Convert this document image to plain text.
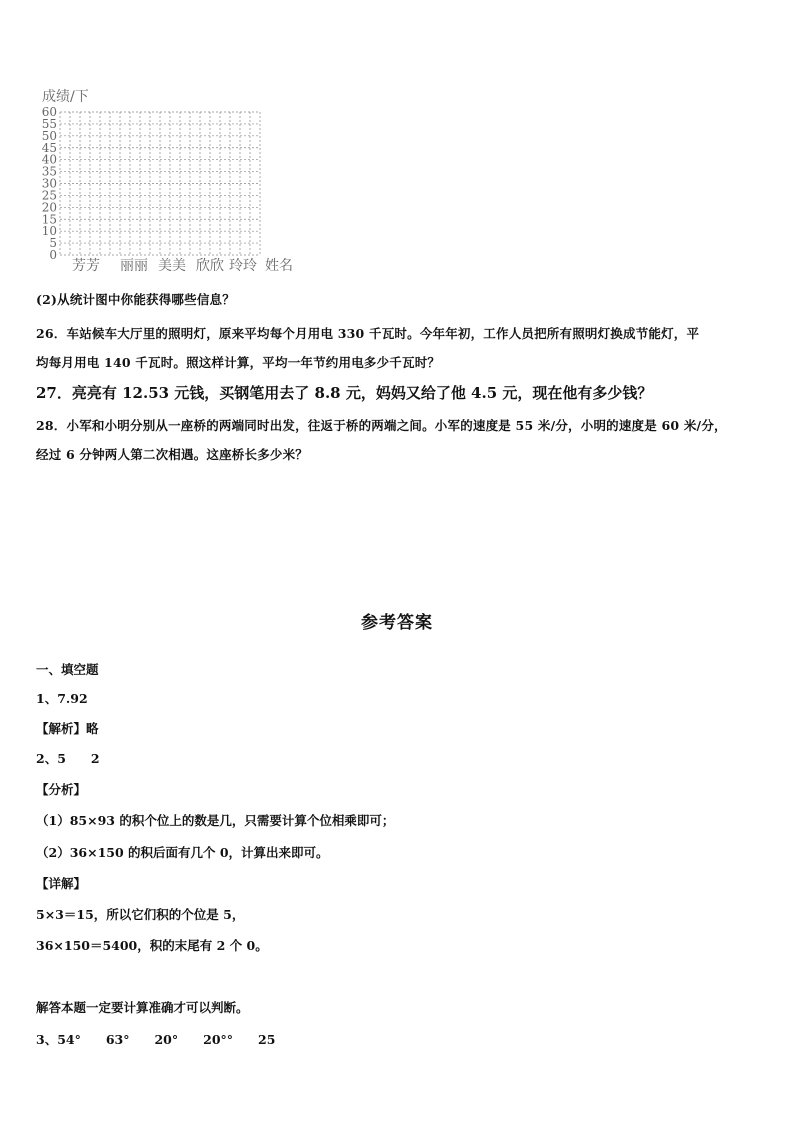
成绩/下
0
5
10
15
20
25
30
35
40
45
50
55
60
芳芳 丽丽 美美 欣欣 玲玲 姓名
(2)从统计图中你能获得哪些信息？
26．车站候车大厅里的照明灯，原来平均每个月用电 330 千瓦时。今年年初，工作人员把所有照明灯换成节能灯，平
均每月用电 140 千瓦时。照这样计算，平均一年节约用电多少千瓦时？
27．亮亮有 12.53 元钱，买钢笔用去了 8.8 元，妈妈又给了他 4.5 元，现在他有多少钱？
28．小军和小明分别从一座桥的两端同时出发，往返于桥的两端之间。小军的速度是 55 米/分，小明的速度是 60 米/分，
经过 6 分钟两人第二次相遇。这座桥长多少米？
参考答案
一、填空题
1、7.92
【解析】略
2、5　　2
【分析】
（1）85×93 的积个位上的数是几，只需要计算个位相乘即可；
（2）36×150 的积后面有几个 0，计算出来即可。
【详解】
5×3＝15，所以它们积的个位是 5，
36×150＝5400，积的末尾有 2 个 0。
解答本题一定要计算准确才可以判断。
3、54°　　63°　　20°　　20°°　　25
